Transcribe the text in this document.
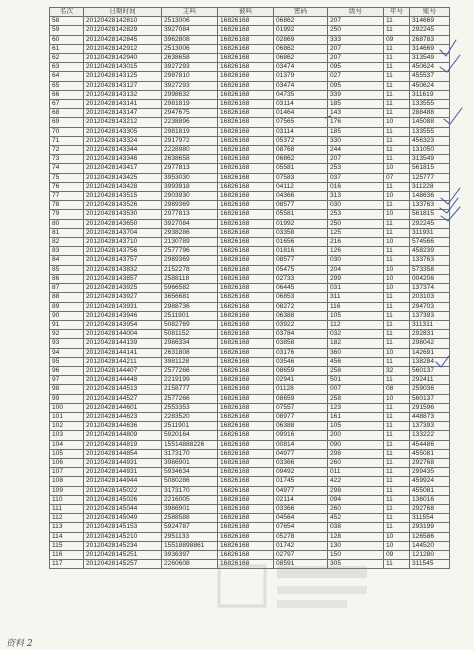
名次	日期时间	主叫	被叫	密码	级号	年号	账号
58	20120428142810	2513006	16826168	06862	207	11	314669
59	20120428142829	3927084	16826168	01992	250	11	292245
60	20120428142845	3962808	16826168	02869	333	09	268783
61	20120428142912	2513006	16826168	06862	207	11	314669
62	20120428142940	2638658	16826168	06862	207	11	313549
63	20120428143015	3927293	16826168	03474	095	11	450624
64	20120428143125	2987810	16826168	01379	027	11	455537
65	20120428143127	3927293	16826168	03474	095	11	450624
66	20120428143132	2998632	16826168	04735	339	11	311619
67	20120428143141	2981819	16826168	03114	185	11	133555
68	20120428143147	2947675	16826168	01464	143	11	288488
69	20120428143212	2238896	16826168	07565	176	10	145088
70	20120428143305	2981819	16826168	03114	185	11	133555
71	20120428143324	2917972	16826168	05372	330	11	456323
72	20120428143344	2228980	16826168	08768	244	11	131050
73	20120428143346	2638658	16826168	06862	207	11	313549
74	20120428143417	2977813	16826168	05581	253	10	561815
75	20120428143425	3953030	16826168	07583	037	07	125777
76	20120428143428	3993918	16826168	04112	016	11	311228
77	20120428143515	2903930	16826168	04366	313	10	148636
78	20120428143526	2989369	16826168	08577	030	11	133763
79	20120428143530	2977813	16826168	05581	253	10	561815
80	20120428143650	3927084	16826168	01992	250	11	292245
81	20120428143704	2938286	16826168	03358	125	11	311931
82	20120428143710	2130789	16826168	01656	216	10	574566
83	20120428143756	2577796	16826168	01816	126	11	458239
84	20120428143757	2989369	16826168	08577	030	11	133763
85	20120428143832	2152278	16826168	05475	204	10	573358
86	20120428143857	2588118	16826168	02733	299	10	004206
87	20120428143925	5966582	16826168	06445	031	10	137374
88	20120428143927	3656681	16826168	06853	311	11	203103
89	20120428143931	2988736	16826168	08272	116	11	294703
90	20120428143946	2511901	16826168	06388	105	11	137393
91	20120428143954	5082769	16826168	03922	112	11	311311
92	20120428144004	5081152	16826168	03784	032	11	292831
93	20120428144139	2986334	16826168	03858	182	11	298042
94	20120428144141	2631808	16826168	03176	360	10	142691
95	20120428144211	3981128	16826168	03546	456	11	138284
96	20120428144407	2577266	16826168	08659	258	32	560137
97	20120428144448	2219199	16826168	02941	501	11	292411
98	20120428144513	2158777	16826168	01128	007	08	259036
99	20120428144527	2577266	16826168	08659	258	10	560137
100	20120428144601	2553353	16826168	07557	123	11	291596
101	20120428144623	2283520	16826168	08977	161	11	448873
102	20120428144636	2511901	16826168	06388	105	11	137393
103	20120428144809	5920164	16826168	09916	200	11	133222
104	20120428144819	15514888226	16826168	00814	090	11	454486
105	20120428144854	3173170	16826168	04977	298	11	455081
106	20120428144931	3986901	16826168	03366	260	11	292768
107	20120428144931	5934634	16826168	09492	011	11	299435
108	20120428144944	5080286	16826168	01745	422	11	459924
109	20120428145022	3173170	16826168	04977	298	11	455081
110	20120428145026	2216005	16826168	02114	094	11	136016
111	20120428145044	3986901	16826168	03366	260	11	292768
112	20120428145049	2588588	16826168	04564	452	11	311554
113	20120428145153	5924787	16826168	07654	038	11	293199
114	20120428145210	2951133	16826168	05278	128	10	126586
115	20120428145234	15518898861	16826168	01742	130	10	144520
116	20120428145251	3936397	16826168	02797	150	09	121280
117	20120428145257	2260608	16826168	08591	305	11	311545
资料 2
